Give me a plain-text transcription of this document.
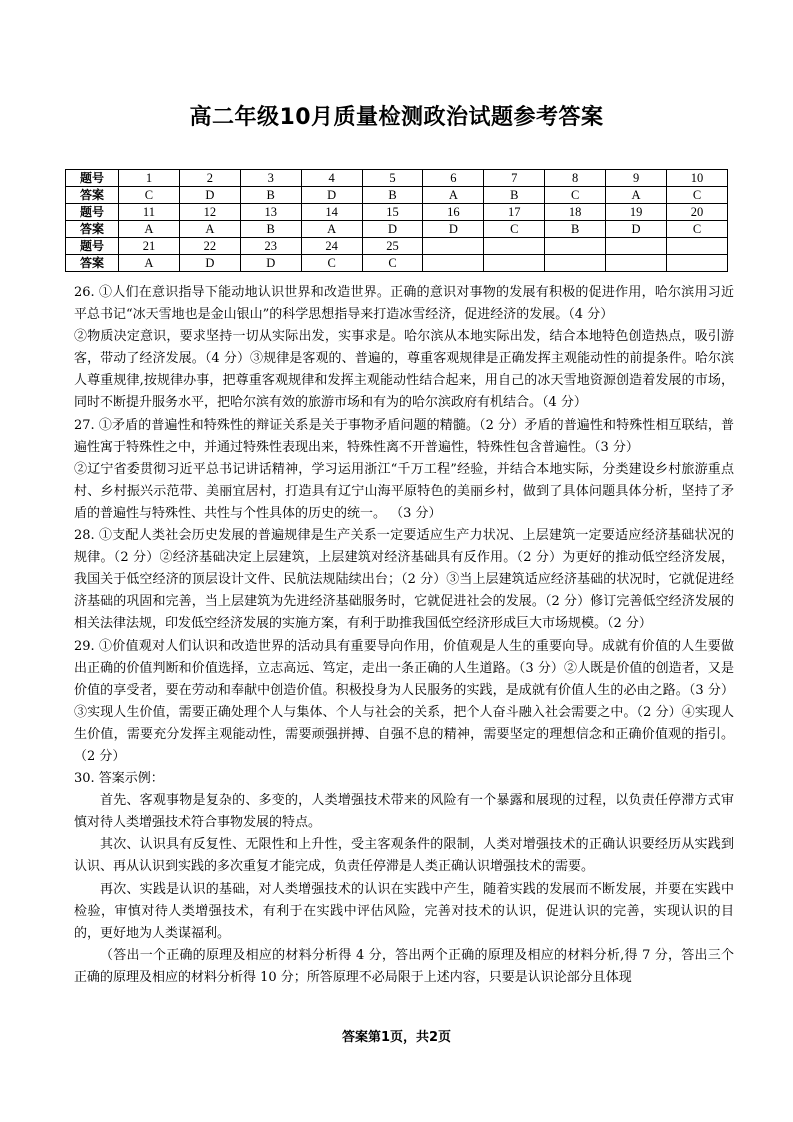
高二年级10月质量检测政治试题参考答案
题号	1	2	3	4	5	6	7	8	9	10
答案	C	D	B	D	B	A	B	C	A	C
题号	11	12	13	14	15	16	17	18	19	20
答案	A	A	B	A	D	D	C	B	D	C
题号	21	22	23	24	25					
答案	A	D	D	C	C					

26. ①人们在意识指导下能动地认识世界和改造世界。正确的意识对事物的发展有积极的促进作用，哈尔滨用习近平总书记“冰天雪地也是金山银山”的科学思想指导来打造冰雪经济，促进经济的发展。（4 分）

②物质决定意识，要求坚持一切从实际出发，实事求是。哈尔滨从本地实际出发，结合本地特色创造热点，吸引游客，带动了经济发展。（4 分）③规律是客观的、普遍的，尊重客观规律是正确发挥主观能动性的前提条件。哈尔滨人尊重规律,按规律办事，把尊重客观规律和发挥主观能动性结合起来，用自己的冰天雪地资源创造着发展的市场，同时不断提升服务水平，把哈尔滨有效的旅游市场和有为的哈尔滨政府有机结合。（4 分）

27. ①矛盾的普遍性和特殊性的辩证关系是关于事物矛盾问题的精髓。（2 分）矛盾的普遍性和特殊性相互联结，普遍性寓于特殊性之中，并通过特殊性表现出来，特殊性离不开普遍性，特殊性包含普遍性。（3 分）

②辽宁省委贯彻习近平总书记讲话精神，学习运用浙江“千万工程”经验，并结合本地实际，分类建设乡村旅游重点村、乡村振兴示范带、美丽宜居村，打造具有辽宁山海平原特色的美丽乡村，做到了具体问题具体分析，坚持了矛盾的普遍性与特殊性、共性与个性具体的历史的统一。 （3 分）

28. ①支配人类社会历史发展的普遍规律是生产关系一定要适应生产力状况、上层建筑一定要适应经济基础状况的规律。（2 分）②经济基础决定上层建筑，上层建筑对经济基础具有反作用。（2 分）为更好的推动低空经济发展，我国关于低空经济的顶层设计文件、民航法规陆续出台；（2 分）③当上层建筑适应经济基础的状况时，它就促进经济基础的巩固和完善，当上层建筑为先进经济基础服务时，它就促进社会的发展。（2 分）修订完善低空经济发展的相关法律法规，印发低空经济发展的实施方案，有利于助推我国低空经济形成巨大市场规模。（2 分）

29. ①价值观对人们认识和改造世界的活动具有重要导向作用，价值观是人生的重要向导。成就有价值的人生要做出正确的价值判断和价值选择，立志高远、笃定，走出一条正确的人生道路。（3 分）②人既是价值的创造者，又是价值的享受者，要在劳动和奉献中创造价值。积极投身为人民服务的实践，是成就有价值人生的必由之路。（3 分）③实现人生价值，需要正确处理个人与集体、个人与社会的关系，把个人奋斗融入社会需要之中。（2 分）④实现人生价值，需要充分发挥主观能动性，需要顽强拼搏、自强不息的精神，需要坚定的理想信念和正确价值观的指引。（2 分）

30. 答案示例：

首先、客观事物是复杂的、多变的，人类增强技术带来的风险有一个暴露和展现的过程，以负责任停滞方式审慎对待人类增强技术符合事物发展的特点。

其次、认识具有反复性、无限性和上升性，受主客观条件的限制，人类对增强技术的正确认识要经历从实践到认识、再从认识到实践的多次重复才能完成，负责任停滞是人类正确认识增强技术的需要。

再次、实践是认识的基础，对人类增强技术的认识在实践中产生，随着实践的发展而不断发展，并要在实践中检验，审慎对待人类增强技术，有利于在实践中评估风险，完善对技术的认识，促进认识的完善，实现认识的目的，更好地为人类谋福利。

（答出一个正确的原理及相应的材料分析得 4 分，答出两个正确的原理及相应的材料分析,得 7 分，答出三个正确的原理及相应的材料分析得 10 分；所答原理不必局限于上述内容，只要是认识论部分且体现

答案第1页，共2页
